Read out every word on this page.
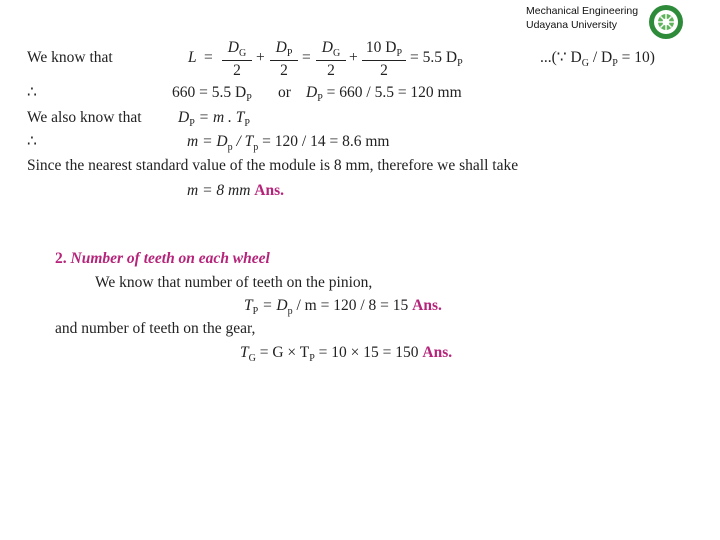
Mechanical Engineering
Udayana University
We know that	L =
$D_G$
2
+
$D_P$
2
=
$D_G$
2
+
10 $D_P$
2
= 5.5 $D_P$	...(∵ $D_G / D_P = 10$)
∴	660 = 5.5 $D_P$ or $D_P = 660 / 5.5 = 120$ mm
We also know that $D_P = m$ . $T_P$
∴	$m = D_p / T_p = 120 / 14 = 8.6$ mm
Since the nearest standard value of the module is 8 mm, therefore we shall take
m = 8 mm Ans.
2. Number of teeth on each wheel
We know that number of teeth on the pinion,
$T_P = D_p / m = 120 / 8 = 15$ Ans.
and number of teeth on the gear,
$T_G = G \times T_P = 10 \times 15 = 150$ Ans.
